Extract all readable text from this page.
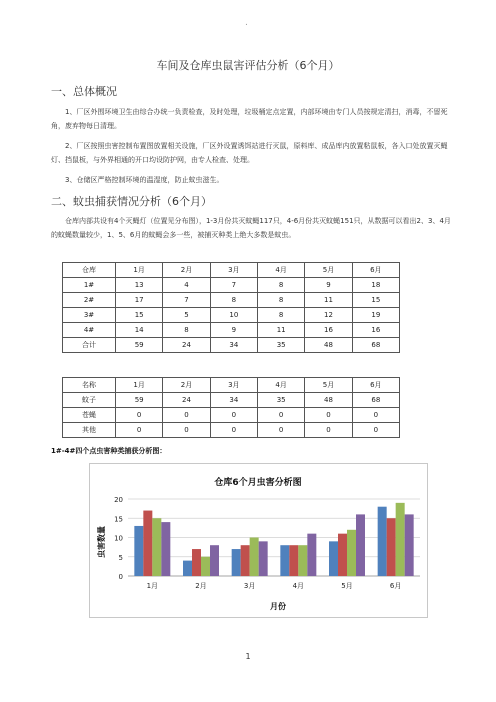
.
车间及仓库虫鼠害评估分析（6个月）
一、总体概况
1、厂区外围环境卫生由综合办统一负责检查，及时处理，垃圾桶定点定置，内部环境由专门人员按规定清扫，消毒，不留死角，废弃物每日清理。
2、厂区按照虫害控制布置图放置相关设施，厂区外设置诱饵站进行灭鼠，原料库、成品库内放置粘鼠板，各入口处放置灭蝇灯、挡鼠板，与外界相通的开口均设防护网，由专人检查、处理。
3、仓储区严格控制环境的温湿度，防止蚊虫滋生。
二、蚊虫捕获情况分析（6个月）
仓库内部共设有4个灭蝇灯（位置见分布图），1-3月份共灭蚊蝇117只，4-6月份共灭蚊蝇151只，从数据可以看出2、3、4月的蚊蝇数量较少，1、5、6月的蚊蝇会多一些，被捕灭种类上绝大多数是蚊虫。
仓库	1月	2月	3月	4月	5月	6月
1#	13	4	7	8	9	18
2#	17	7	8	8	11	15
3#	15	5	10	8	12	19
4#	14	8	9	11	16	16
合计	59	24	34	35	48	68
名称	1月	2月	3月	4月	5月	6月
蚊子	59	24	34	35	48	68
苍蝇	0	0	0	0	0	0
其他	0	0	0	0	0	0
1#-4#四个点虫害种类捕获分析图：
仓库6个月虫害分析图
虫害数量
月份
0
5
10
15
20
1月	2月	3月	4月	5月	6月
1
